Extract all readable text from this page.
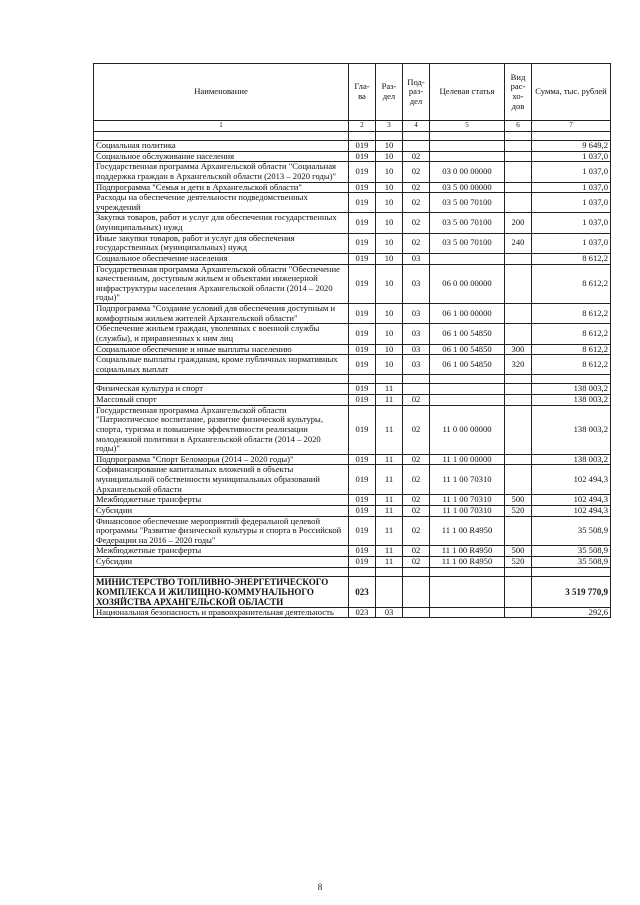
Наименование	Гла-ва	Раз-дел	Под-раз-дел	Целевая статья	Вид рас-хо-дов	Сумма, тыс. рублей
1	2	3	4	5	6	7

Социальная политика	019	10				9 649,2
Социальное обслуживание населения	019	10	02			1 037,0
Государственная программа Архангельской области "Социальная поддержка граждан в Архангельской области (2013 – 2020 годы)"	019	10	02	03 0 00 00000		1 037,0
Подпрограмма "Семья и дети в Архангельской области"	019	10	02	03 5 00 00000		1 037,0
Расходы на обеспечение деятельности подведомственных учреждений	019	10	02	03 5 00 70100		1 037,0
Закупка товаров, работ и услуг для обеспечения государственных (муниципальных) нужд	019	10	02	03 5 00 70100	200	1 037,0
Иные закупки товаров, работ и услуг для обеспечения государственных (муниципальных) нужд	019	10	02	03 5 00 70100	240	1 037,0
Социальное обеспечение населения	019	10	03			8 612,2
Государственная программа Архангельской области "Обеспечение качественным, доступным жильем и объектами инженерной инфраструктуры населения Архангельской области (2014 – 2020 годы)"	019	10	03	06 0 00 00000		8 612,2
Подпрограмма "Создание условий для обеспечения доступным и комфортным жильем жителей Архангельской области"	019	10	03	06 1 00 00000		8 612,2
Обеспечение жильем граждан, уволенных с военной службы (службы), и приравненных к ним лиц	019	10	03	06 1 00 54850		8 612,2
Социальное обеспечение и иные выплаты населению	019	10	03	06 1 00 54850	300	8 612,2
Социальные выплаты гражданам, кроме публичных нормативных социальных выплат	019	10	03	06 1 00 54850	320	8 612,2

Физическая культура и спорт	019	11				138 003,2
Массовый спорт	019	11	02			138 003,2
Государственная программа Архангельской области "Патриотическое воспитание, развитие физической культуры, спорта, туризма и повышение эффективности реализации молодежной политики в Архангельской области (2014 – 2020 годы)"	019	11	02	11 0 00 00000		138 003,2
Подпрограмма "Спорт Беломорья (2014 – 2020 годы)"	019	11	02	11 1 00 00000		138 003,2
Софинансирование капитальных вложений в объекты муниципальной собственности муниципальных образований Архангельской области	019	11	02	11 1 00 70310		102 494,3
Межбюджетные трансферты	019	11	02	11 1 00 70310	500	102 494,3
Субсидии	019	11	02	11 1 00 70310	520	102 494,3
Финансовое обеспечение мероприятий федеральной целевой программы "Развитие физической культуры и спорта в Российской Федерации на 2016 – 2020 годы"	019	11	02	11 1 00 R4950		35 508,9
Межбюджетные трансферты	019	11	02	11 1 00 R4950	500	35 508,9
Субсидии	019	11	02	11 1 00 R4950	520	35 508,9

МИНИСТЕРСТВО ТОПЛИВНО-ЭНЕРГЕТИЧЕСКОГО КОМПЛЕКСА И ЖИЛИЩНО-КОММУНАЛЬНОГО ХОЗЯЙСТВА АРХАНГЕЛЬСКОЙ ОБЛАСТИ	023					3 519 770,9
Национальная безопасность и правоохранительная деятельность	023	03				292,6
8
